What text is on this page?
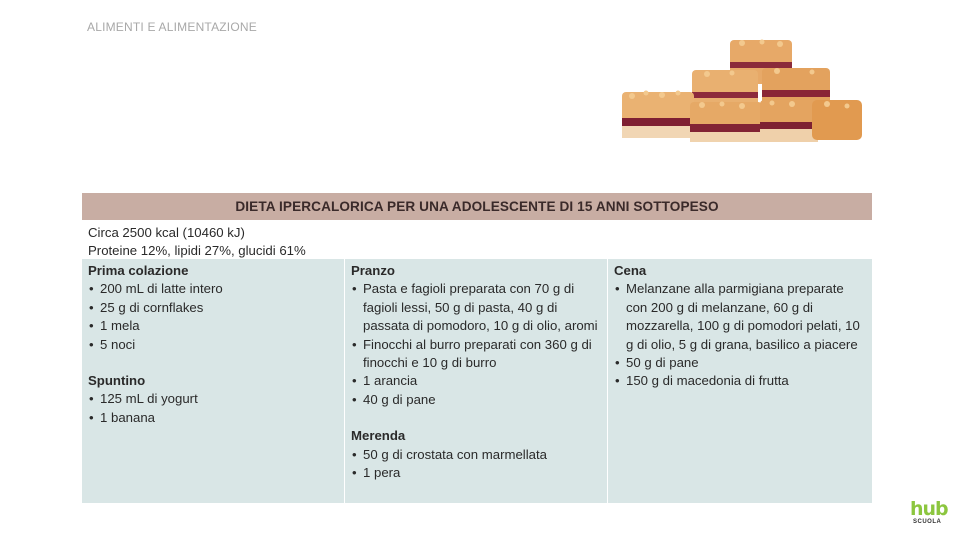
ALIMENTI E ALIMENTAZIONE
DIETA IPERCALORICA PER UNA ADOLESCENTE DI 15 ANNI SOTTOPESO
Circa 2500 kcal (10460 kJ)
Proteine 12%, lipidi 27%, glucidi 61%
Prima colazione
• 200 mL di latte intero
• 25 g di cornflakes
• 1 mela
• 5 noci
Spuntino
• 125 mL di yogurt
• 1 banana
Pranzo
• Pasta e fagioli preparata con 70 g di fagioli lessi, 50 g di pasta, 40 g di passata di pomodoro, 10 g di olio, aromi
• Finocchi al burro preparati con 360 g di finocchi e 10 g di burro
• 1 arancia
• 40 g di pane
Merenda
• 50 g di crostata con marmellata
• 1 pera
Cena
• Melanzane alla parmigiana preparate con 200 g di melanzane, 60 g di mozzarella, 100 g di pomodori pelati, 10 g di olio, 5 g di grana, basilico a piacere
• 50 g di pane
• 150 g di macedonia di frutta
hub
SCUOLA
